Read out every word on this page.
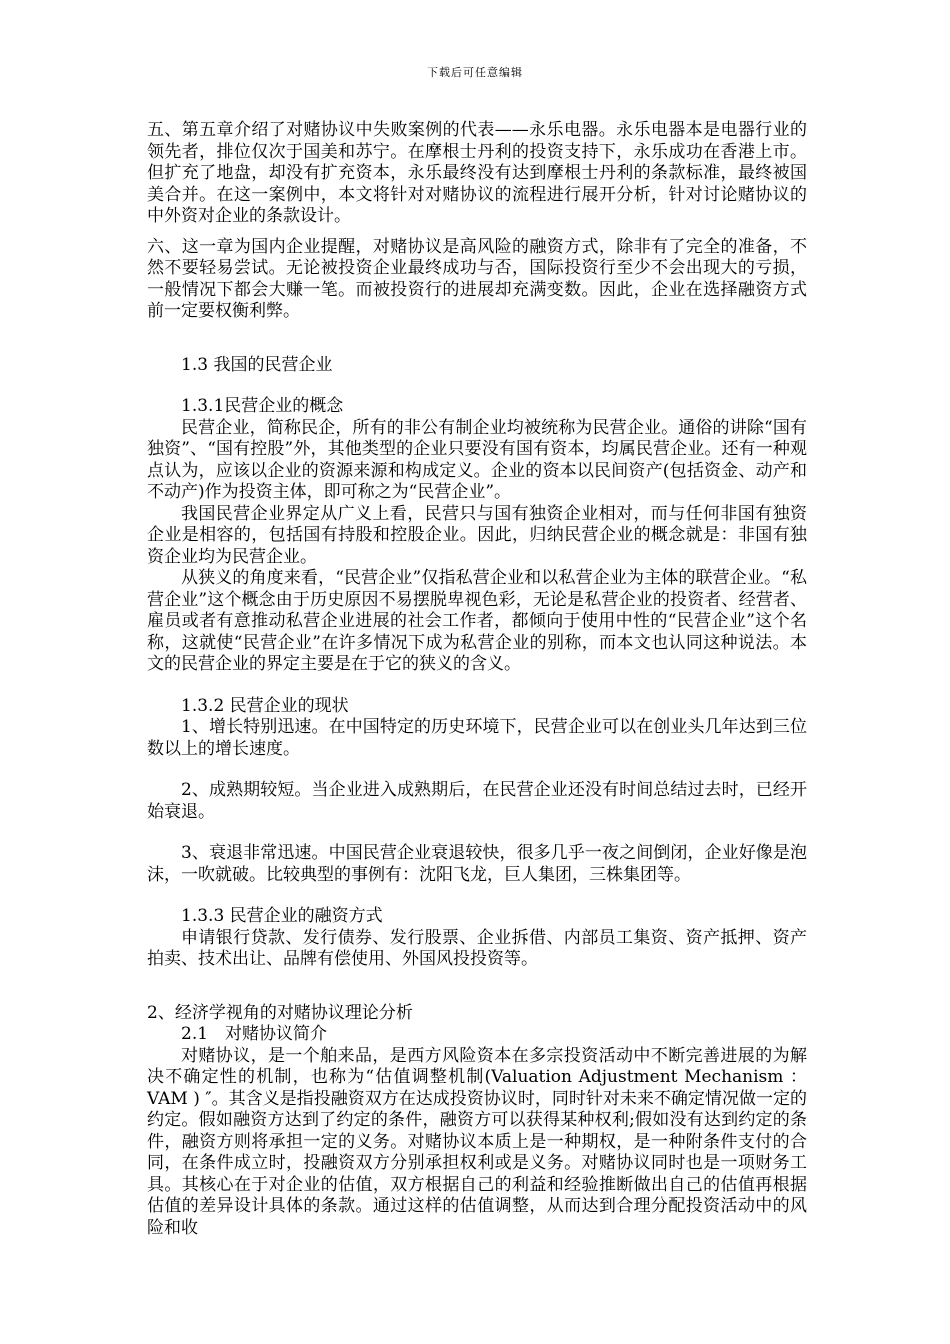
下载后可任意编辑

五、第五章介绍了对赌协议中失败案例的代表——永乐电器。永乐电器本是电器行业的领先者，排位仅次于国美和苏宁。在摩根士丹利的投资支持下，永乐成功在香港上市。但扩充了地盘，却没有扩充资本，永乐最终没有达到摩根士丹利的条款标准，最终被国美合并。在这一案例中，本文将针对对赌协议的流程进行展开分析，针对讨论赌协议的中外资对企业的条款设计。

六、这一章为国内企业提醒，对赌协议是高风险的融资方式，除非有了完全的准备，不然不要轻易尝试。无论被投资企业最终成功与否，国际投资行至少不会出现大的亏损，一般情况下都会大赚一笔。而被投资行的进展却充满变数。因此，企业在选择融资方式前一定要权衡利弊。

1.3 我国的民营企业

1.3.1民营企业的概念

民营企业，简称民企，所有的非公有制企业均被统称为民营企业。通俗的讲除“国有独资”、“国有控股”外，其他类型的企业只要没有国有资本，均属民营企业。还有一种观点认为，应该以企业的资源来源和构成定义。企业的资本以民间资产(包括资金、动产和不动产)作为投资主体，即可称之为“民营企业”。

我国民营企业界定从广义上看，民营只与国有独资企业相对，而与任何非国有独资企业是相容的，包括国有持股和控股企业。因此，归纳民营企业的概念就是：非国有独资企业均为民营企业。

从狭义的角度来看，“民营企业”仅指私营企业和以私营企业为主体的联营企业。“私营企业”这个概念由于历史原因不易摆脱卑视色彩，无论是私营企业的投资者、经营者、雇员或者有意推动私营企业进展的社会工作者，都倾向于使用中性的“民营企业”这个名称，这就使“民营企业”在许多情况下成为私营企业的别称，而本文也认同这种说法。本文的民营企业的界定主要是在于它的狭义的含义。

1.3.2 民营企业的现状

1、增长特别迅速。在中国特定的历史环境下，民营企业可以在创业头几年达到三位数以上的增长速度。

2、成熟期较短。当企业进入成熟期后，在民营企业还没有时间总结过去时，已经开始衰退。

3、衰退非常迅速。中国民营企业衰退较快，很多几乎一夜之间倒闭，企业好像是泡沫，一吹就破。比较典型的事例有：沈阳飞龙，巨人集团，三株集团等。

1.3.3 民营企业的融资方式

申请银行贷款、发行债券、发行股票、企业拆借、内部员工集资、资产抵押、资产拍卖、技术出让、品牌有偿使用、外国风投投资等。

2、经济学视角的对赌协议理论分析

2.1　对赌协议简介

对赌协议，是一个舶来品，是西方风险资本在多宗投资活动中不断完善进展的为解决不确定性的机制，也称为“估值调整机制(Valuation Adjustment Mechanism ： VAM ) ″。其含义是指投融资双方在达成投资协议时，同时针对未来不确定情况做一定的约定。假如融资方达到了约定的条件，融资方可以获得某种权利;假如没有达到约定的条件，融资方则将承担一定的义务。对赌协议本质上是一种期权，是一种附条件支付的合同，在条件成立时，投融资双方分别承担权利或是义务。对赌协议同时也是一项财务工具。其核心在于对企业的估值，双方根据自己的利益和经验推断做出自己的估值再根据估值的差异设计具体的条款。通过这样的估值调整，从而达到合理分配投资活动中的风险和收
